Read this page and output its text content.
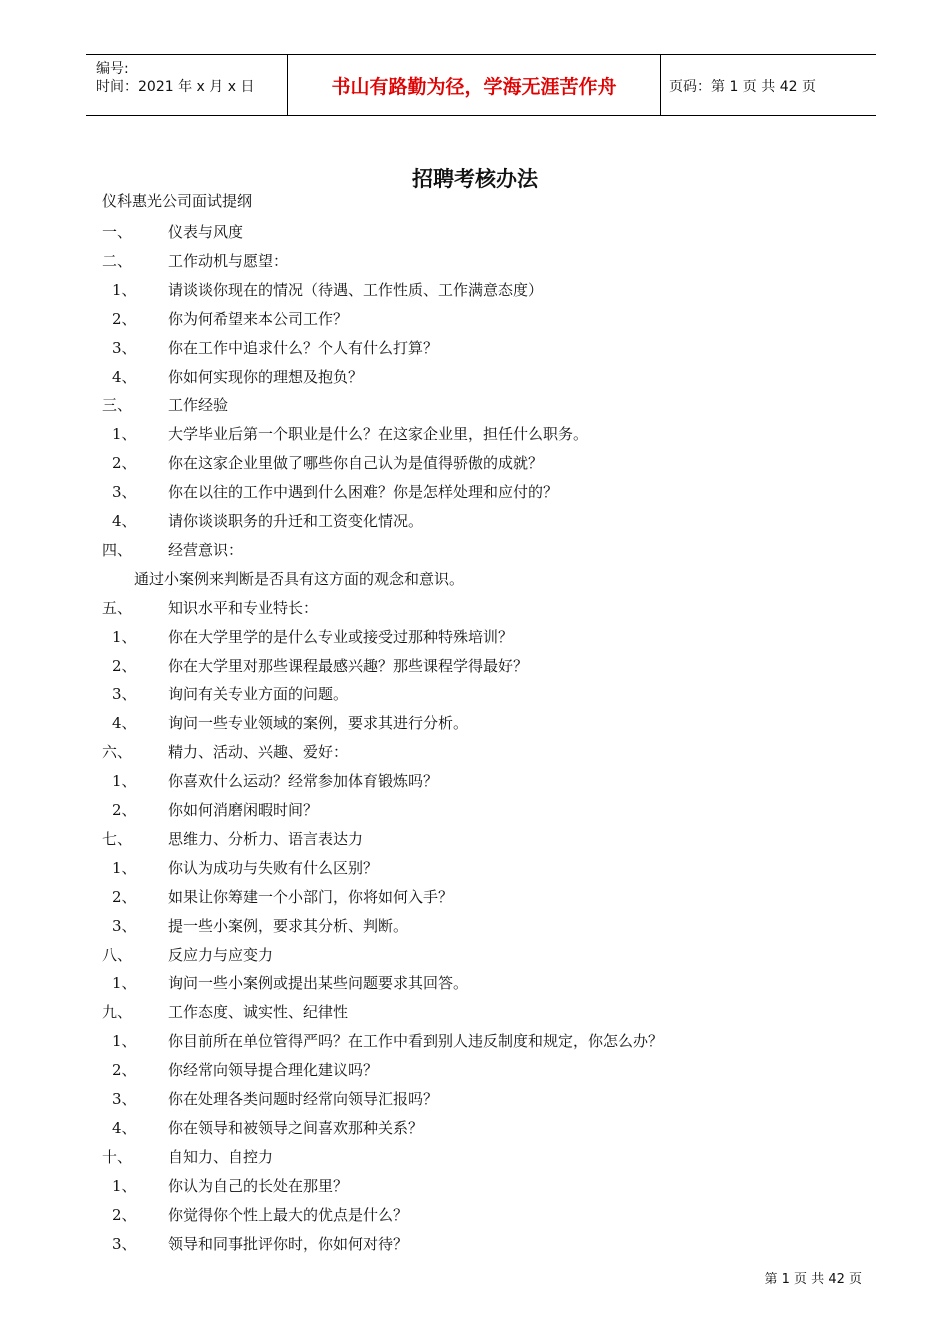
编号:
时间：2021 年 x 月 x 日	书山有路勤为径，学海无涯苦作舟	页码：第 1 页 共 42 页
招聘考核办法
仪科惠光公司面试提纲
一、 仪表与风度
二、 工作动机与愿望：
1、 请谈谈你现在的情况（待遇、工作性质、工作满意态度）
2、 你为何希望来本公司工作？
3、 你在工作中追求什么？个人有什么打算？
4、 你如何实现你的理想及抱负？
三、 工作经验
1、 大学毕业后第一个职业是什么？在这家企业里，担任什么职务。
2、 你在这家企业里做了哪些你自己认为是值得骄傲的成就？
3、 你在以往的工作中遇到什么困难？你是怎样处理和应付的？
4、 请你谈谈职务的升迁和工资变化情况。
四、 经营意识：
通过小案例来判断是否具有这方面的观念和意识。
五、 知识水平和专业特长：
1、 你在大学里学的是什么专业或接受过那种特殊培训？
2、 你在大学里对那些课程最感兴趣？那些课程学得最好？
3、 询问有关专业方面的问题。
4、 询问一些专业领域的案例，要求其进行分析。
六、 精力、活动、兴趣、爱好：
1、 你喜欢什么运动？经常参加体育锻炼吗？
2、 你如何消磨闲暇时间？
七、 思维力、分析力、语言表达力
1、 你认为成功与失败有什么区别？
2、 如果让你筹建一个小部门，你将如何入手？
3、 提一些小案例，要求其分析、判断。
八、 反应力与应变力
1、 询问一些小案例或提出某些问题要求其回答。
九、 工作态度、诚实性、纪律性
1、 你目前所在单位管得严吗？在工作中看到别人违反制度和规定，你怎么办？
2、 你经常向领导提合理化建议吗？
3、 你在处理各类问题时经常向领导汇报吗？
4、 你在领导和被领导之间喜欢那种关系？
十、 自知力、自控力
1、 你认为自己的长处在那里？
2、 你觉得你个性上最大的优点是什么？
3、 领导和同事批评你时，你如何对待？
第 1 页 共 42 页
